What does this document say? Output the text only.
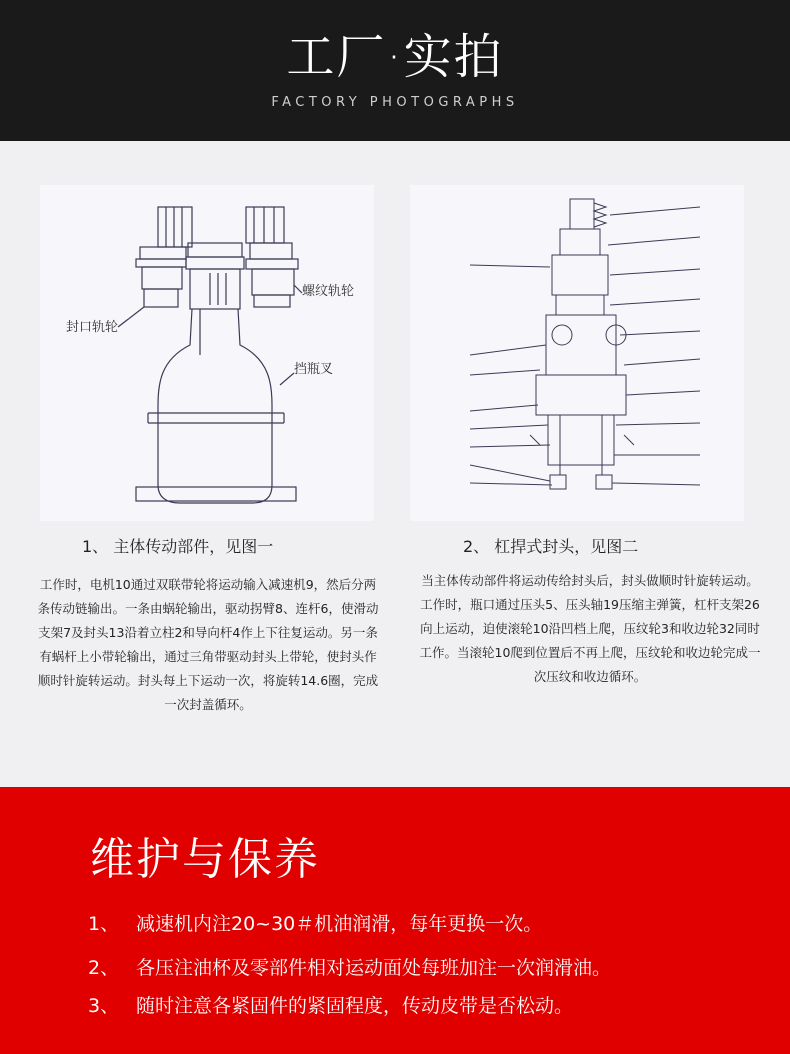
工厂·实拍
FACTORY PHOTOGRAPHS
封口轨轮
螺纹轨轮
挡瓶叉
1、 主体传动部件，见图一	2、 杠捍式封头，见图二
工作时，电机10通过双联带轮将运动输入减速机9，然后分两条传动链输出。一条由蜗轮输出，驱动拐臂8、连杆6，使滑动支架7及封头13沿着立柱2和导向杆4作上下往复运动。另一条有蜗杆上小带轮输出，通过三角带驱动封头上带轮，使封头作顺时针旋转运动。封头每上下运动一次，将旋转14.6圈，完成一次封盖循环。
当主体传动部件将运动传给封头后，封头做顺时针旋转运动。工作时，瓶口通过压头5、压头轴19压缩主弹簧，杠杆支架26向上运动，迫使滚轮10沿凹档上爬，压纹轮3和收边轮32同时工作。当滚轮10爬到位置后不再上爬，压纹轮和收边轮完成一次压纹和收边循环。
维护与保养
1、 减速机内注20~30＃机油润滑，每年更换一次。
2、 各压注油杯及零部件相对运动面处每班加注一次润滑油。
3、 随时注意各紧固件的紧固程度，传动皮带是否松动。
